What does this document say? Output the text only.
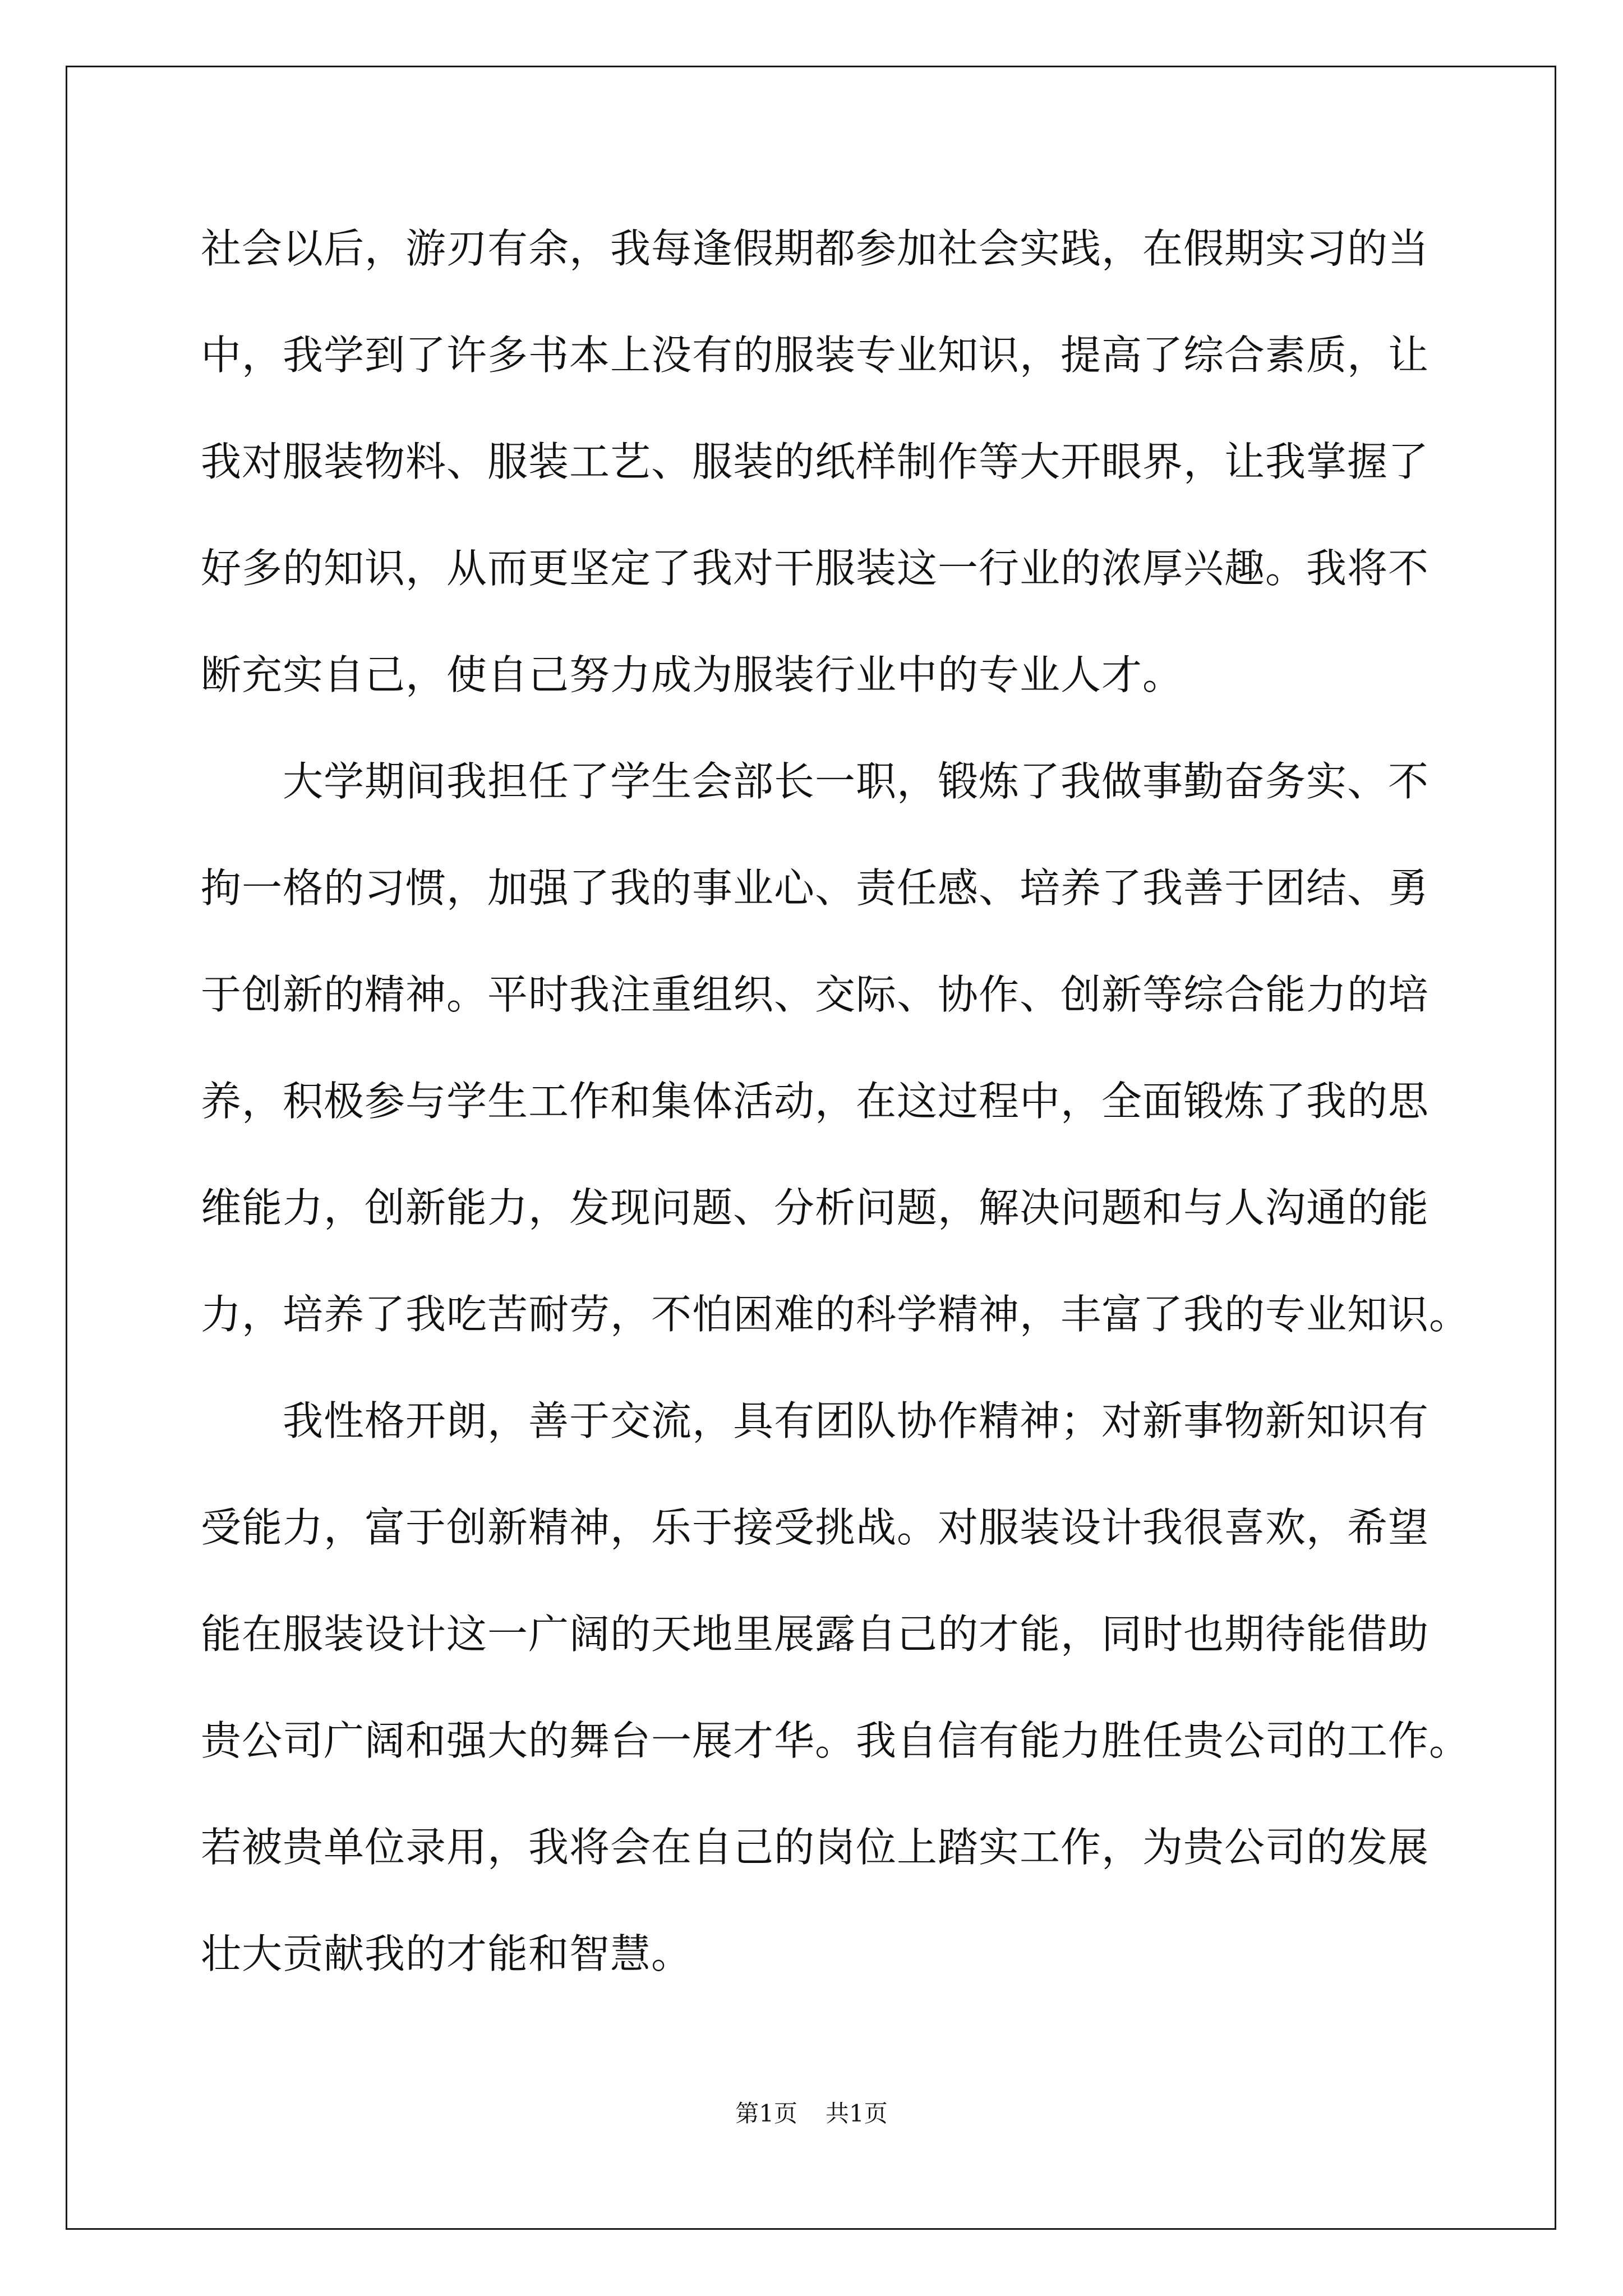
社会以后，游刃有余，我每逢假期都参加社会实践，在假期实习的当
中，我学到了许多书本上没有的服装专业知识，提高了综合素质，让
我对服装物料、服装工艺、服装的纸样制作等大开眼界，让我掌握了
好多的知识，从而更坚定了我对干服装这一行业的浓厚兴趣。我将不
断充实自己，使自己努力成为服装行业中的专业人才。
　　大学期间我担任了学生会部长一职，锻炼了我做事勤奋务实、不
拘一格的习惯，加强了我的事业心、责任感、培养了我善于团结、勇
于创新的精神。平时我注重组织、交际、协作、创新等综合能力的培
养，积极参与学生工作和集体活动，在这过程中，全面锻炼了我的思
维能力，创新能力，发现问题、分析问题，解决问题和与人沟通的能
力，培养了我吃苦耐劳，不怕困难的科学精神，丰富了我的专业知识。
　　我性格开朗，善于交流，具有团队协作精神；对新事物新知识有
受能力，富于创新精神，乐于接受挑战。对服装设计我很喜欢，希望
能在服装设计这一广阔的天地里展露自己的才能，同时也期待能借助
贵公司广阔和强大的舞台一展才华。我自信有能力胜任贵公司的工作。
若被贵单位录用，我将会在自己的岗位上踏实工作，为贵公司的发展
壮大贡献我的才能和智慧。
第1页 共1页
